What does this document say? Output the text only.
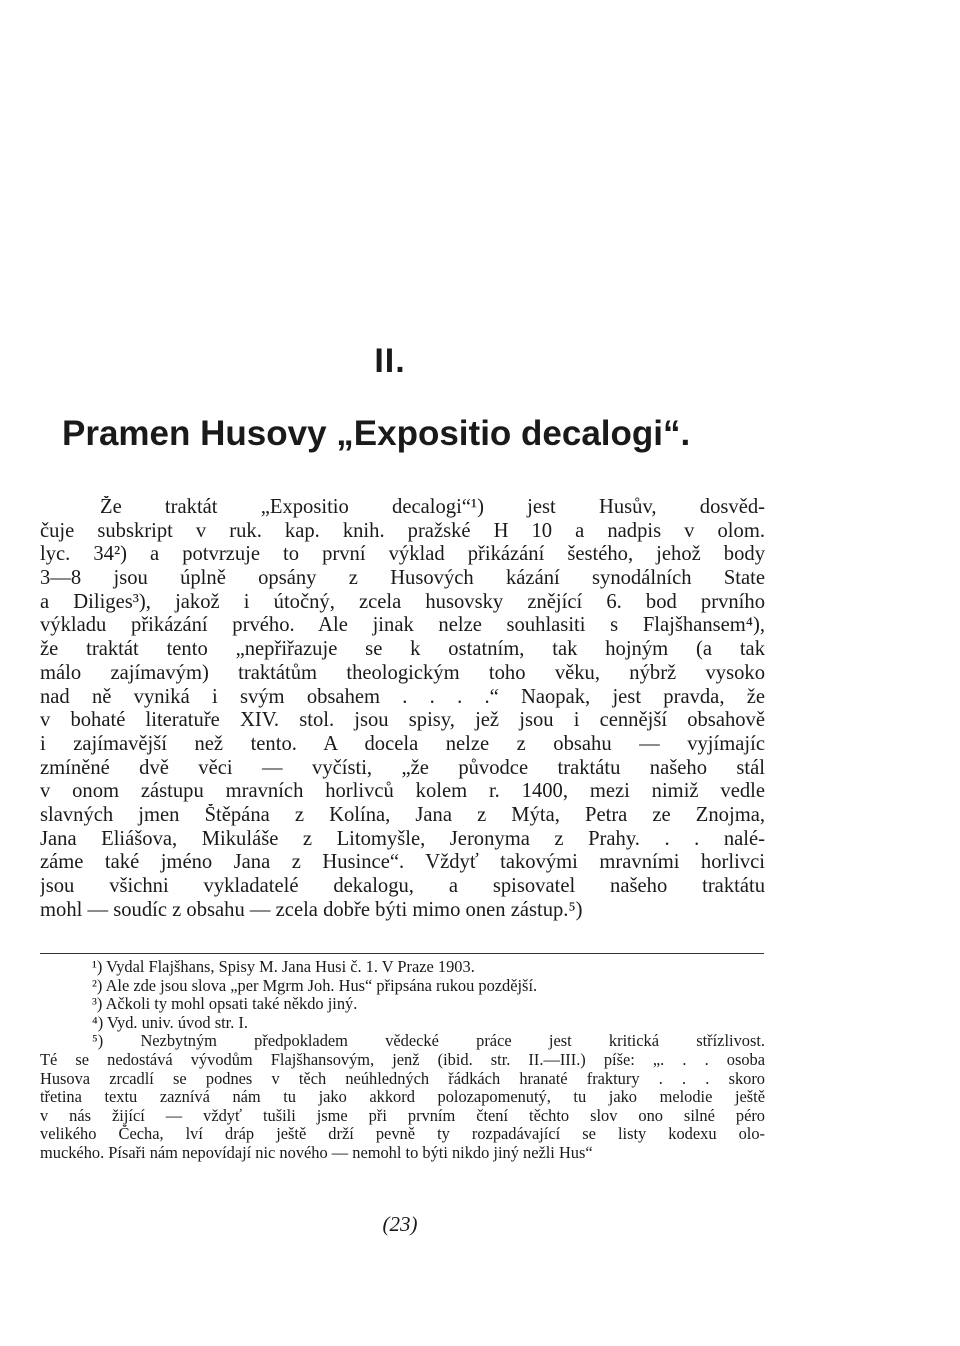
II.
Pramen Husovy „Expositio decalogi“.
Že traktát „Expositio decalogi“¹) jest Husův, dosvěd-
čuje subskript v ruk. kap. knih. pražské H 10 a nadpis v olom.
lyc. 34²) a potvrzuje to první výklad přikázání šestého, jehož body
3—8 jsou úplně opsány z Husových kázání synodálních State
a Diliges³), jakož i útočný, zcela husovsky znějící 6. bod prvního
výkladu přikázání prvého. Ale jinak nelze souhlasiti s Flajšhansem⁴),
že traktát tento „nepřiřazuje se k ostatním, tak hojným (a tak
málo zajímavým) traktátům theologickým toho věku, nýbrž vysoko
nad ně vyniká i svým obsahem . . . .“ Naopak, jest pravda, že
v bohaté literatuře XIV. stol. jsou spisy, jež jsou i cennější obsahově
i zajímavější než tento. A docela nelze z obsahu — vyjímajíc
zmíněné dvě věci — vyčísti, „že původce traktátu našeho stál
v onom zástupu mravních horlivců kolem r. 1400, mezi nimiž vedle
slavných jmen Štěpána z Kolína, Jana z Mýta, Petra ze Znojma,
Jana Eliášova, Mikuláše z Litomyšle, Jeronyma z Prahy. . . nalé-
záme také jméno Jana z Husince“. Vždyť takovými mravními horlivci
jsou všichni vykladatelé dekalogu, a spisovatel našeho traktátu
mohl — soudíc z obsahu — zcela dobře býti mimo onen zástup.⁵)
¹) Vydal Flajšhans, Spisy M. Jana Husi č. 1. V Praze 1903.
²) Ale zde jsou slova „per Mgrm Joh. Hus“ připsána rukou pozdější.
³) Ačkoli ty mohl opsati také někdo jiný.
⁴) Vyd. univ. úvod str. I.
⁵) Nezbytným předpokladem vědecké práce jest kritická střízlivost.
Té se nedostává vývodům Flajšhansovým, jenž (ibid. str. II.—III.) píše: „. . . osoba
Husova zrcadlí se podnes v těch neúhledných řádkách hranaté fraktury . . . skoro
třetina textu zaznívá nám tu jako akkord polozapomenutý, tu jako melodie ještě
v nás žijící — vždyť tušili jsme při prvním čtení těchto slov ono silné péro
velikého Čecha, lví dráp ještě drží pevně ty rozpadávající se listy kodexu olo-
muckého. Písaři nám nepovídají nic nového — nemohl to býti nikdo jiný nežli Hus“
(23)
